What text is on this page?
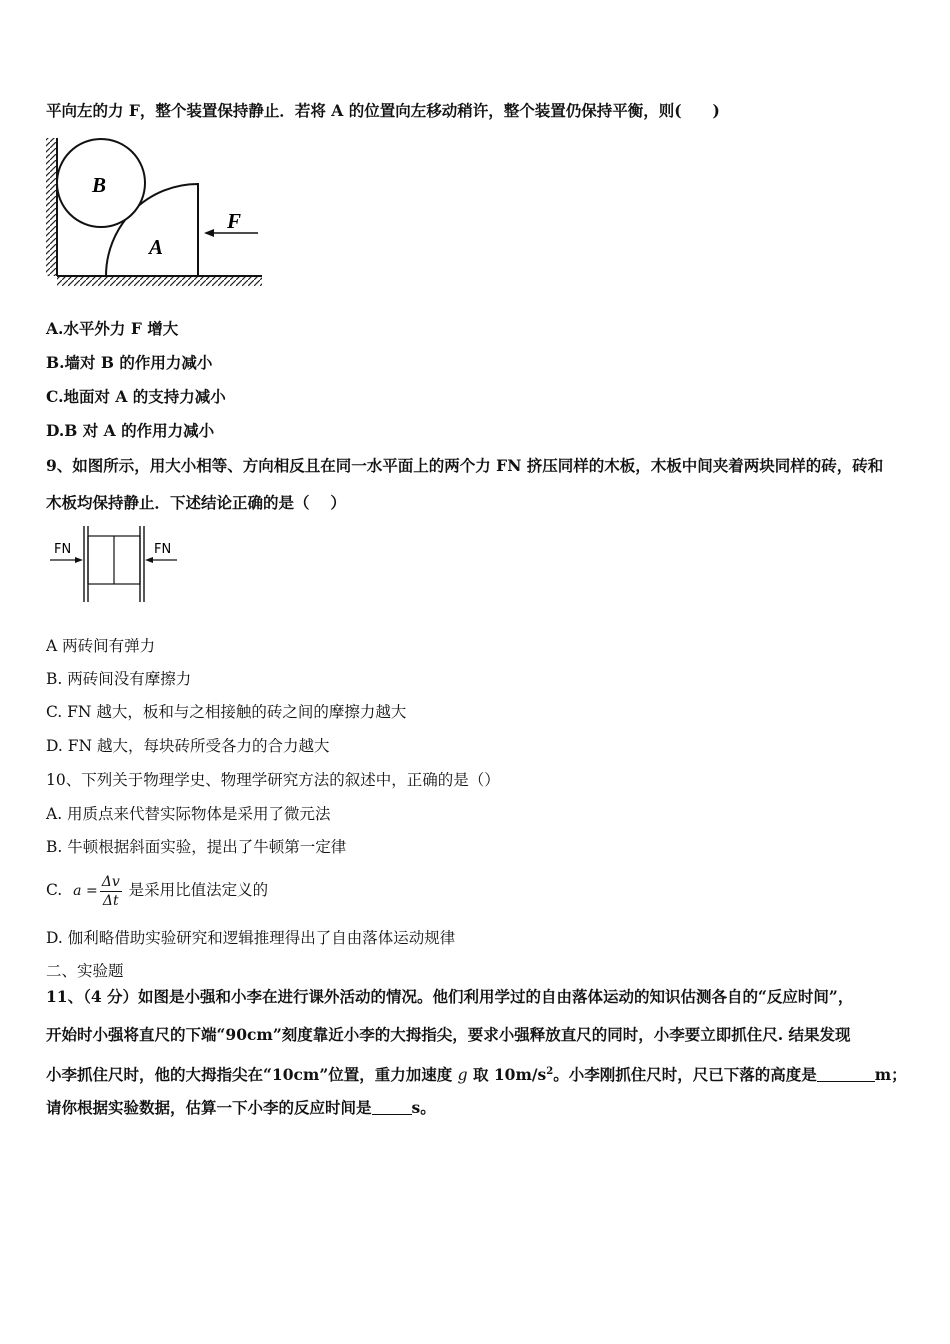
平向左的力 F，整个装置保持静止．若将 A 的位置向左移动稍许，整个装置仍保持平衡，则(　　)
B
A
F
A.水平外力 F 增大
B.墙对 B 的作用力减小
C.地面对 A 的支持力减小
D.B 对 A 的作用力减小
9、如图所示，用大小相等、方向相反且在同一水平面上的两个力 FN 挤压同样的木板，木板中间夹着两块同样的砖，砖和
木板均保持静止．下述结论正确的是（　 ）
FN	FN
A 两砖间有弹力
B. 两砖间没有摩擦力
C. FN 越大，板和与之相接触的砖之间的摩擦力越大
D. FN 越大，每块砖所受各力的合力越大
10、下列关于物理学史、物理学研究方法的叙述中，正确的是（）
A. 用质点来代替实际物体是采用了微元法
B. 牛顿根据斜面实验，提出了牛顿第一定律
C. $a = \frac{\Delta v}{\Delta t}$ 是采用比值法定义的
D. 伽利略借助实验研究和逻辑推理得出了自由落体运动规律
二、实验题
11、（4 分）如图是小强和小李在进行课外活动的情况。他们利用学过的自由落体运动的知识估测各自的“反应时间”，
开始时小强将直尺的下端“90cm”刻度靠近小李的大拇指尖，要求小强释放直尺的同时，小李要立即抓住尺. 结果发现
小李抓住尺时，他的大拇指尖在“10cm”位置，重力加速度 g 取 $10m/s^2$。小李刚抓住尺时，尺已下落的高度是	m；
请你根据实验数据，估算一下小李的反应时间是	s。
